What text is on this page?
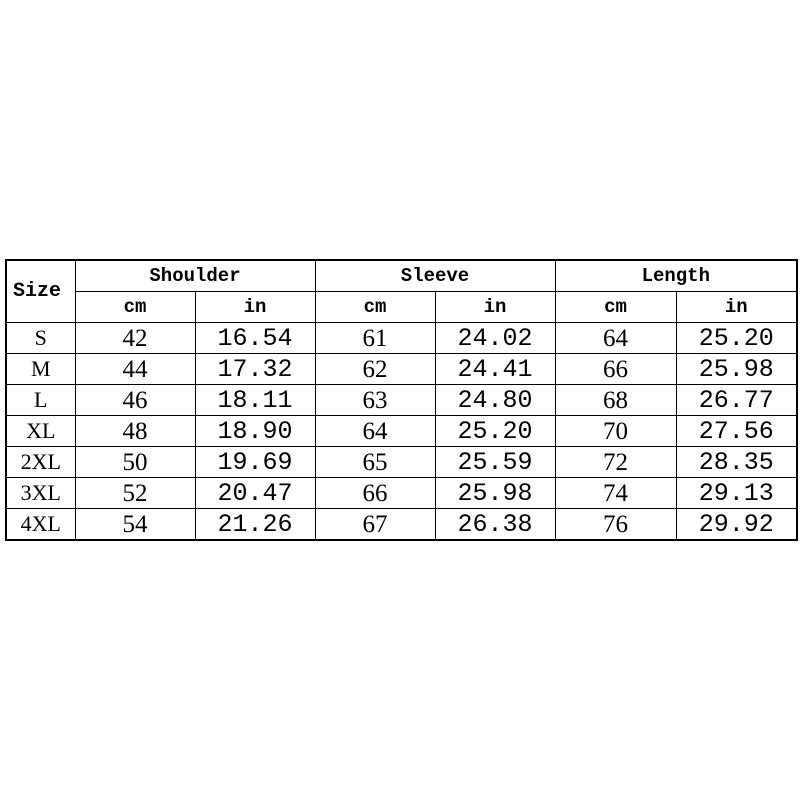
Size	Shoulder		Sleeve		Length	
	cm	in	cm	in	cm	in
S	42	16.54	61	24.02	64	25.20
M	44	17.32	62	24.41	66	25.98
L	46	18.11	63	24.80	68	26.77
XL	48	18.90	64	25.20	70	27.56
2XL	50	19.69	65	25.59	72	28.35
3XL	52	20.47	66	25.98	74	29.13
4XL	54	21.26	67	26.38	76	29.92
